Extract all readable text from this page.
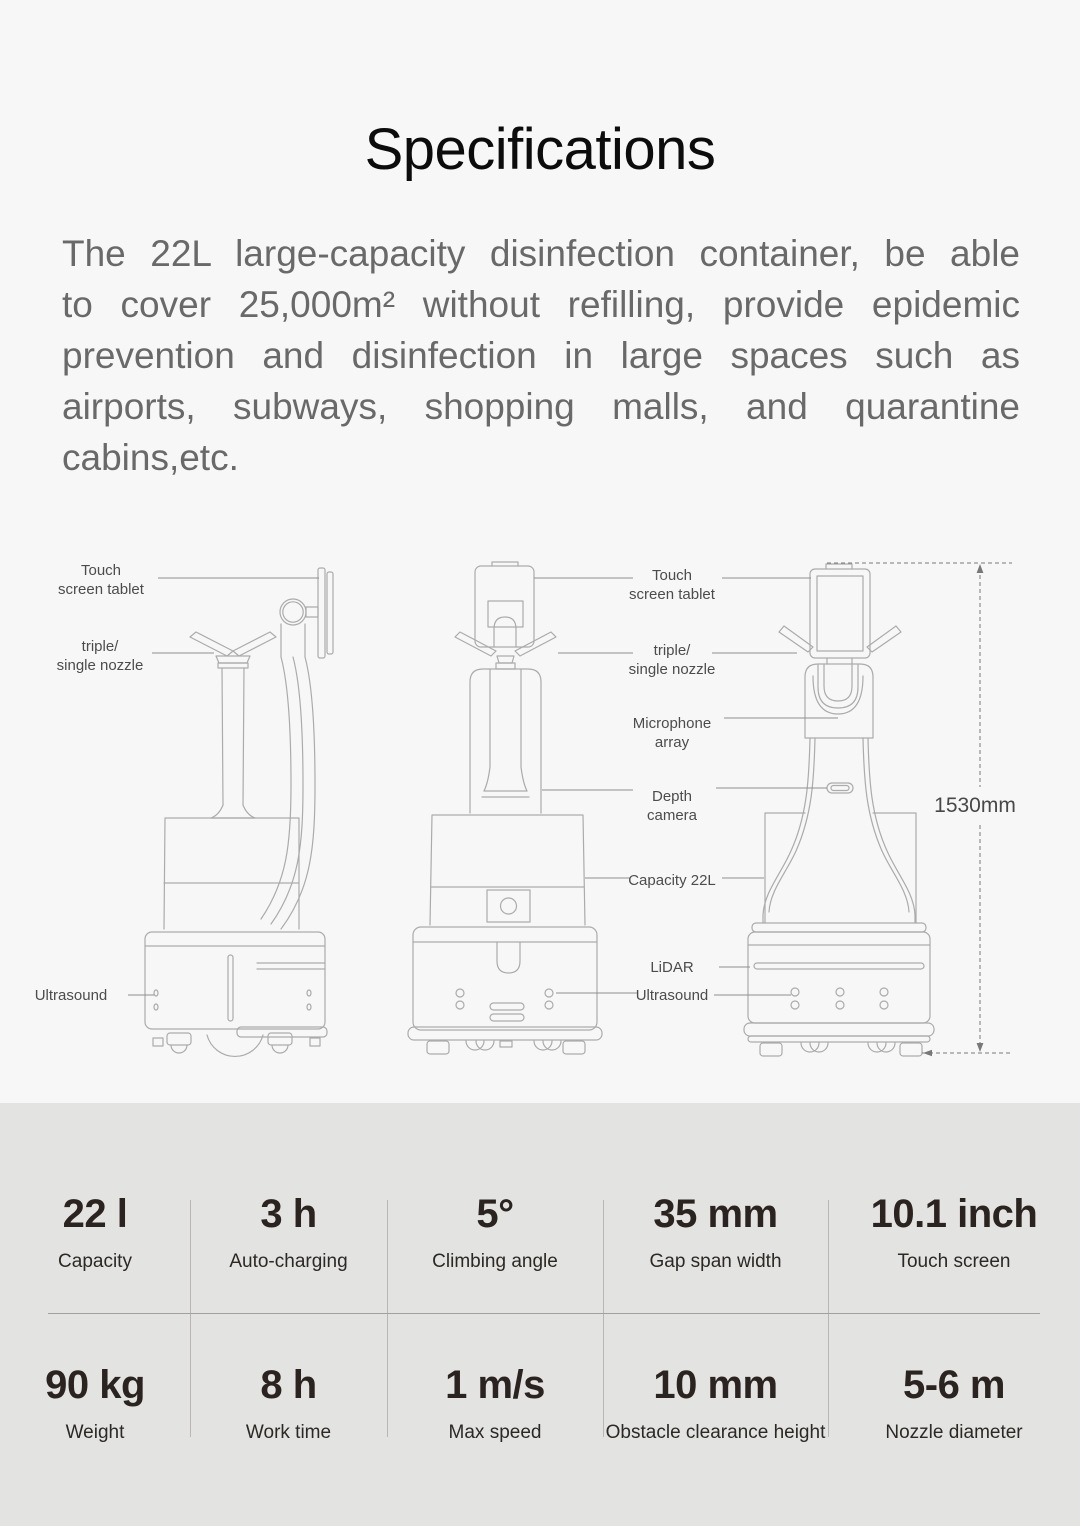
Specifications
The 22L large-capacity disinfection container, be able
to cover 25,000m² without refilling, provide epidemic
prevention and disinfection in large spaces such as
airports, subways, shopping malls, and quarantine
cabins,etc.
Touch
screen tablet
triple/
single nozzle
Ultrasound
Touch
screen tablet
triple/
single nozzle
Microphone
array
Depth
camera
Capacity 22L
LiDAR
Ultrasound
1530mm
22 l
Capacity
3 h
Auto-charging
5°
Climbing angle
35 mm
Gap span width
10.1 inch
Touch screen
90 kg
Weight
8 h
Work time
1 m/s
Max speed
10 mm
Obstacle clearance height
5-6 m
Nozzle diameter
